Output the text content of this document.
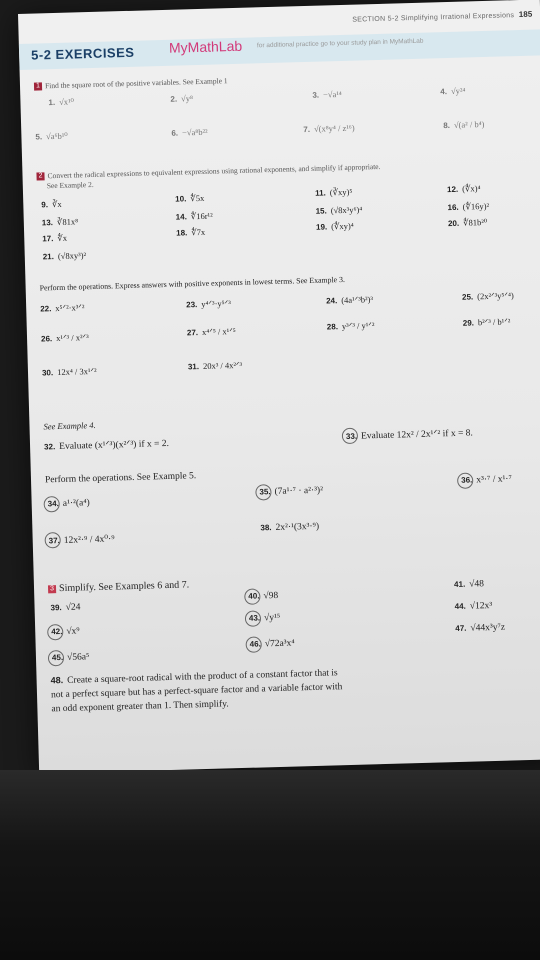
SECTION 5-2 Simplifying Irrational Expressions 185
5-2 EXERCISES MyMathLab for additional practice go to your study plan in MyMathLab
1 Find the square root of the positive variables. See Example 1
1. √x¹⁰	2. √y⁸	3. −√a¹⁴	4. √y²⁴
5. √a⁶b¹⁰	6. −√a⁸b²²	7. √(x⁸y⁴ / z¹⁶)	8. √(a² / b⁴)
2 Convert the radical expressions to equivalent expressions using rational exponents, and simplify if appropriate.
See Example 2.
9. ∛x	10. ∜5x	11. (∛xy)⁵	12. (∜x)⁴
13. ∛81x⁸	14. ∜16r¹²	15. (√8x³y⁶)⁴	16. (∜16y)²
17. ∜x	18. ∜7x	19. (∜xy)⁴	20. ∜81b²⁰
21. (√8xy³)²
Perform the operations. Express answers with positive exponents in lowest terms. See Example 3.
22. x⁵ᐟ²·x³ᐟ²	23. y⁴ᐟ³·y⁵ᐟ³	24. (4a¹ᐟ³b²)³	25. (2x²ᐟ³y⁵ᐟ⁴)
26. x¹ᐟ³ / x²ᐟ³	27. x⁴ᐟ⁵ / x¹ᐟ⁵	28. y³ᐟ³ / y¹ᐟ²	29. b²ᐟ³ / b¹ᐟ²
30. 12x⁴ / 3x¹ᐟ²	31. 20x³ / 4x²ᐟ³
See Example 4.
32. Evaluate (x¹ᐟ³)(x²ᐟ³) if x = 2.
33. Evaluate 12x² / 2x¹ᐟ² if x = 8.
Perform the operations. See Example 5.
34. a¹·²(a⁴)
35. (7a¹·⁷ · a²·³)²
36. x³·⁷ / x¹·⁷
37. 12x²·⁹ / 4x⁰·⁹
38. 2x²·¹(3x³·⁹)
3 Simplify. See Examples 6 and 7.
39. √24
40. √98
41. √48
42. √x⁹
43. √y¹⁵
44. √12x³
45. √56a⁵
46. √72a³x⁴
47. √44x³y⁷z
48. Create a square-root radical with the product of a constant factor that is not a perfect square but has a perfect-square factor and a variable factor with an odd exponent greater than 1. Then simplify.
